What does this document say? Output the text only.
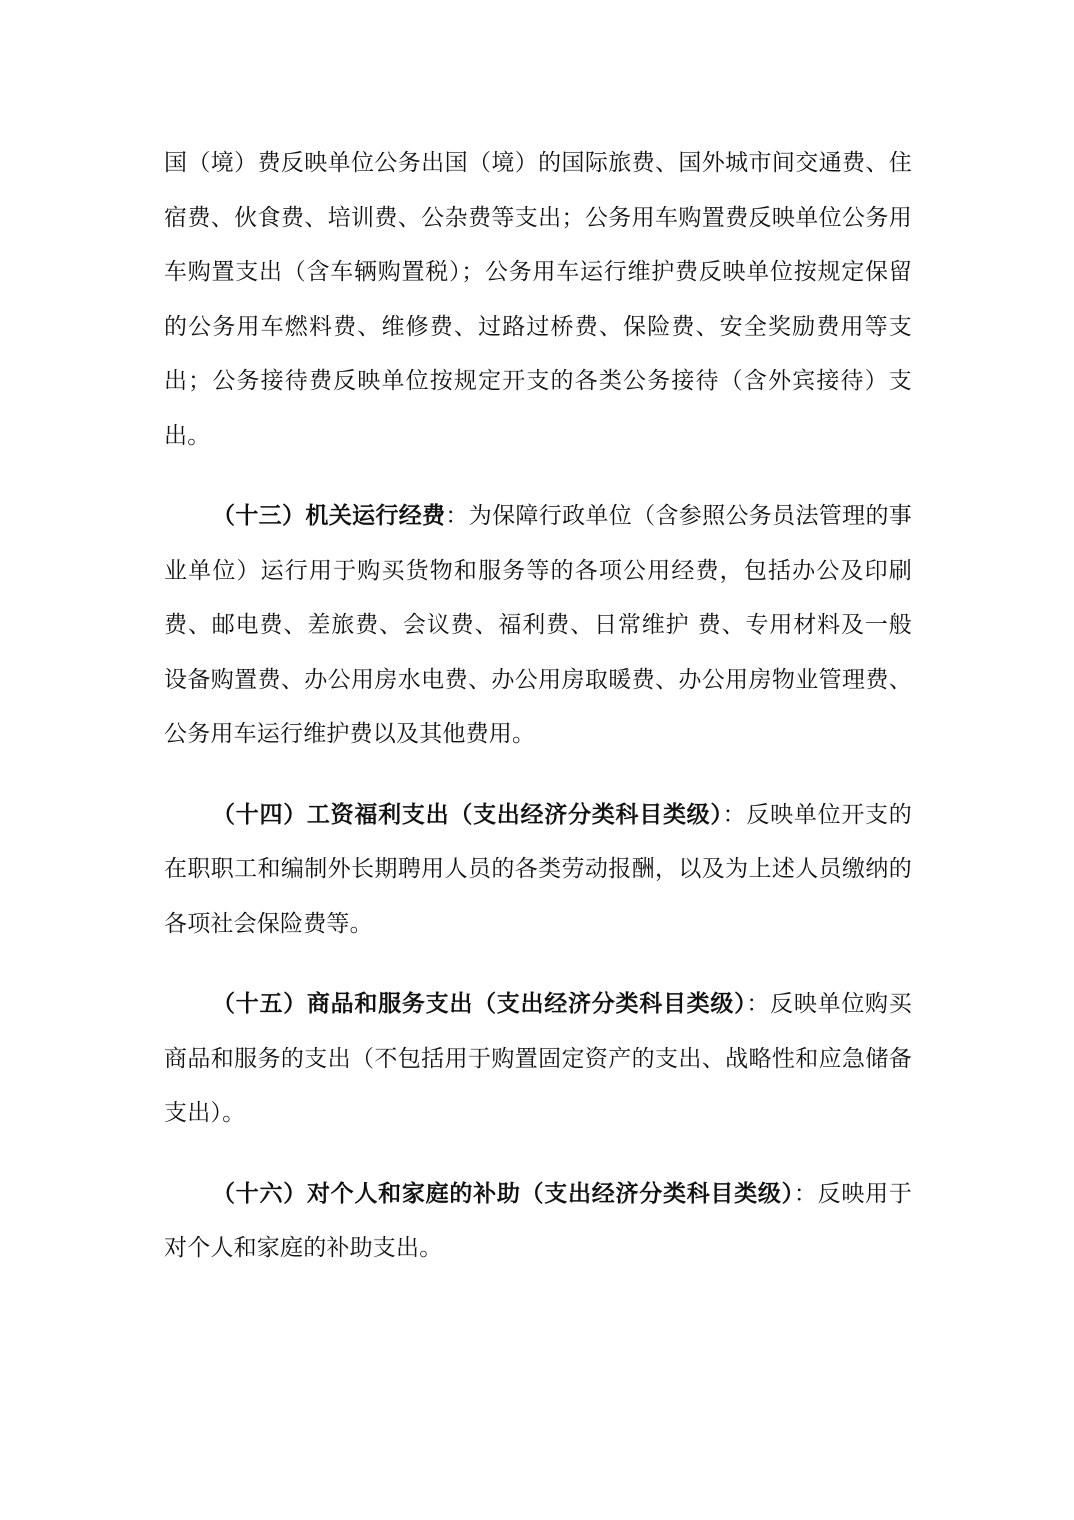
国（境）费反映单位公务出国（境）的国际旅费、国外城市间交通费、住宿费、伙食费、培训费、公杂费等支出；公务用车购置费反映单位公务用车购置支出（含车辆购置税）；公务用车运行维护费反映单位按规定保留的公务用车燃料费、维修费、过路过桥费、保险费、安全奖励费用等支出；公务接待费反映单位按规定开支的各类公务接待（含外宾接待）支出。

（十三）机关运行经费：为保障行政单位（含参照公务员法管理的事业单位）运行用于购买货物和服务等的各项公用经费，包括办公及印刷费、邮电费、差旅费、会议费、福利费、日常维护 费、专用材料及一般设备购置费、办公用房水电费、办公用房取暖费、办公用房物业管理费、公务用车运行维护费以及其他费用。

（十四）工资福利支出（支出经济分类科目类级）：反映单位开支的在职职工和编制外长期聘用人员的各类劳动报酬，以及为上述人员缴纳的各项社会保险费等。

（十五）商品和服务支出（支出经济分类科目类级）：反映单位购买商品和服务的支出（不包括用于购置固定资产的支出、战略性和应急储备支出）。

（十六）对个人和家庭的补助（支出经济分类科目类级）：反映用于对个人和家庭的补助支出。
